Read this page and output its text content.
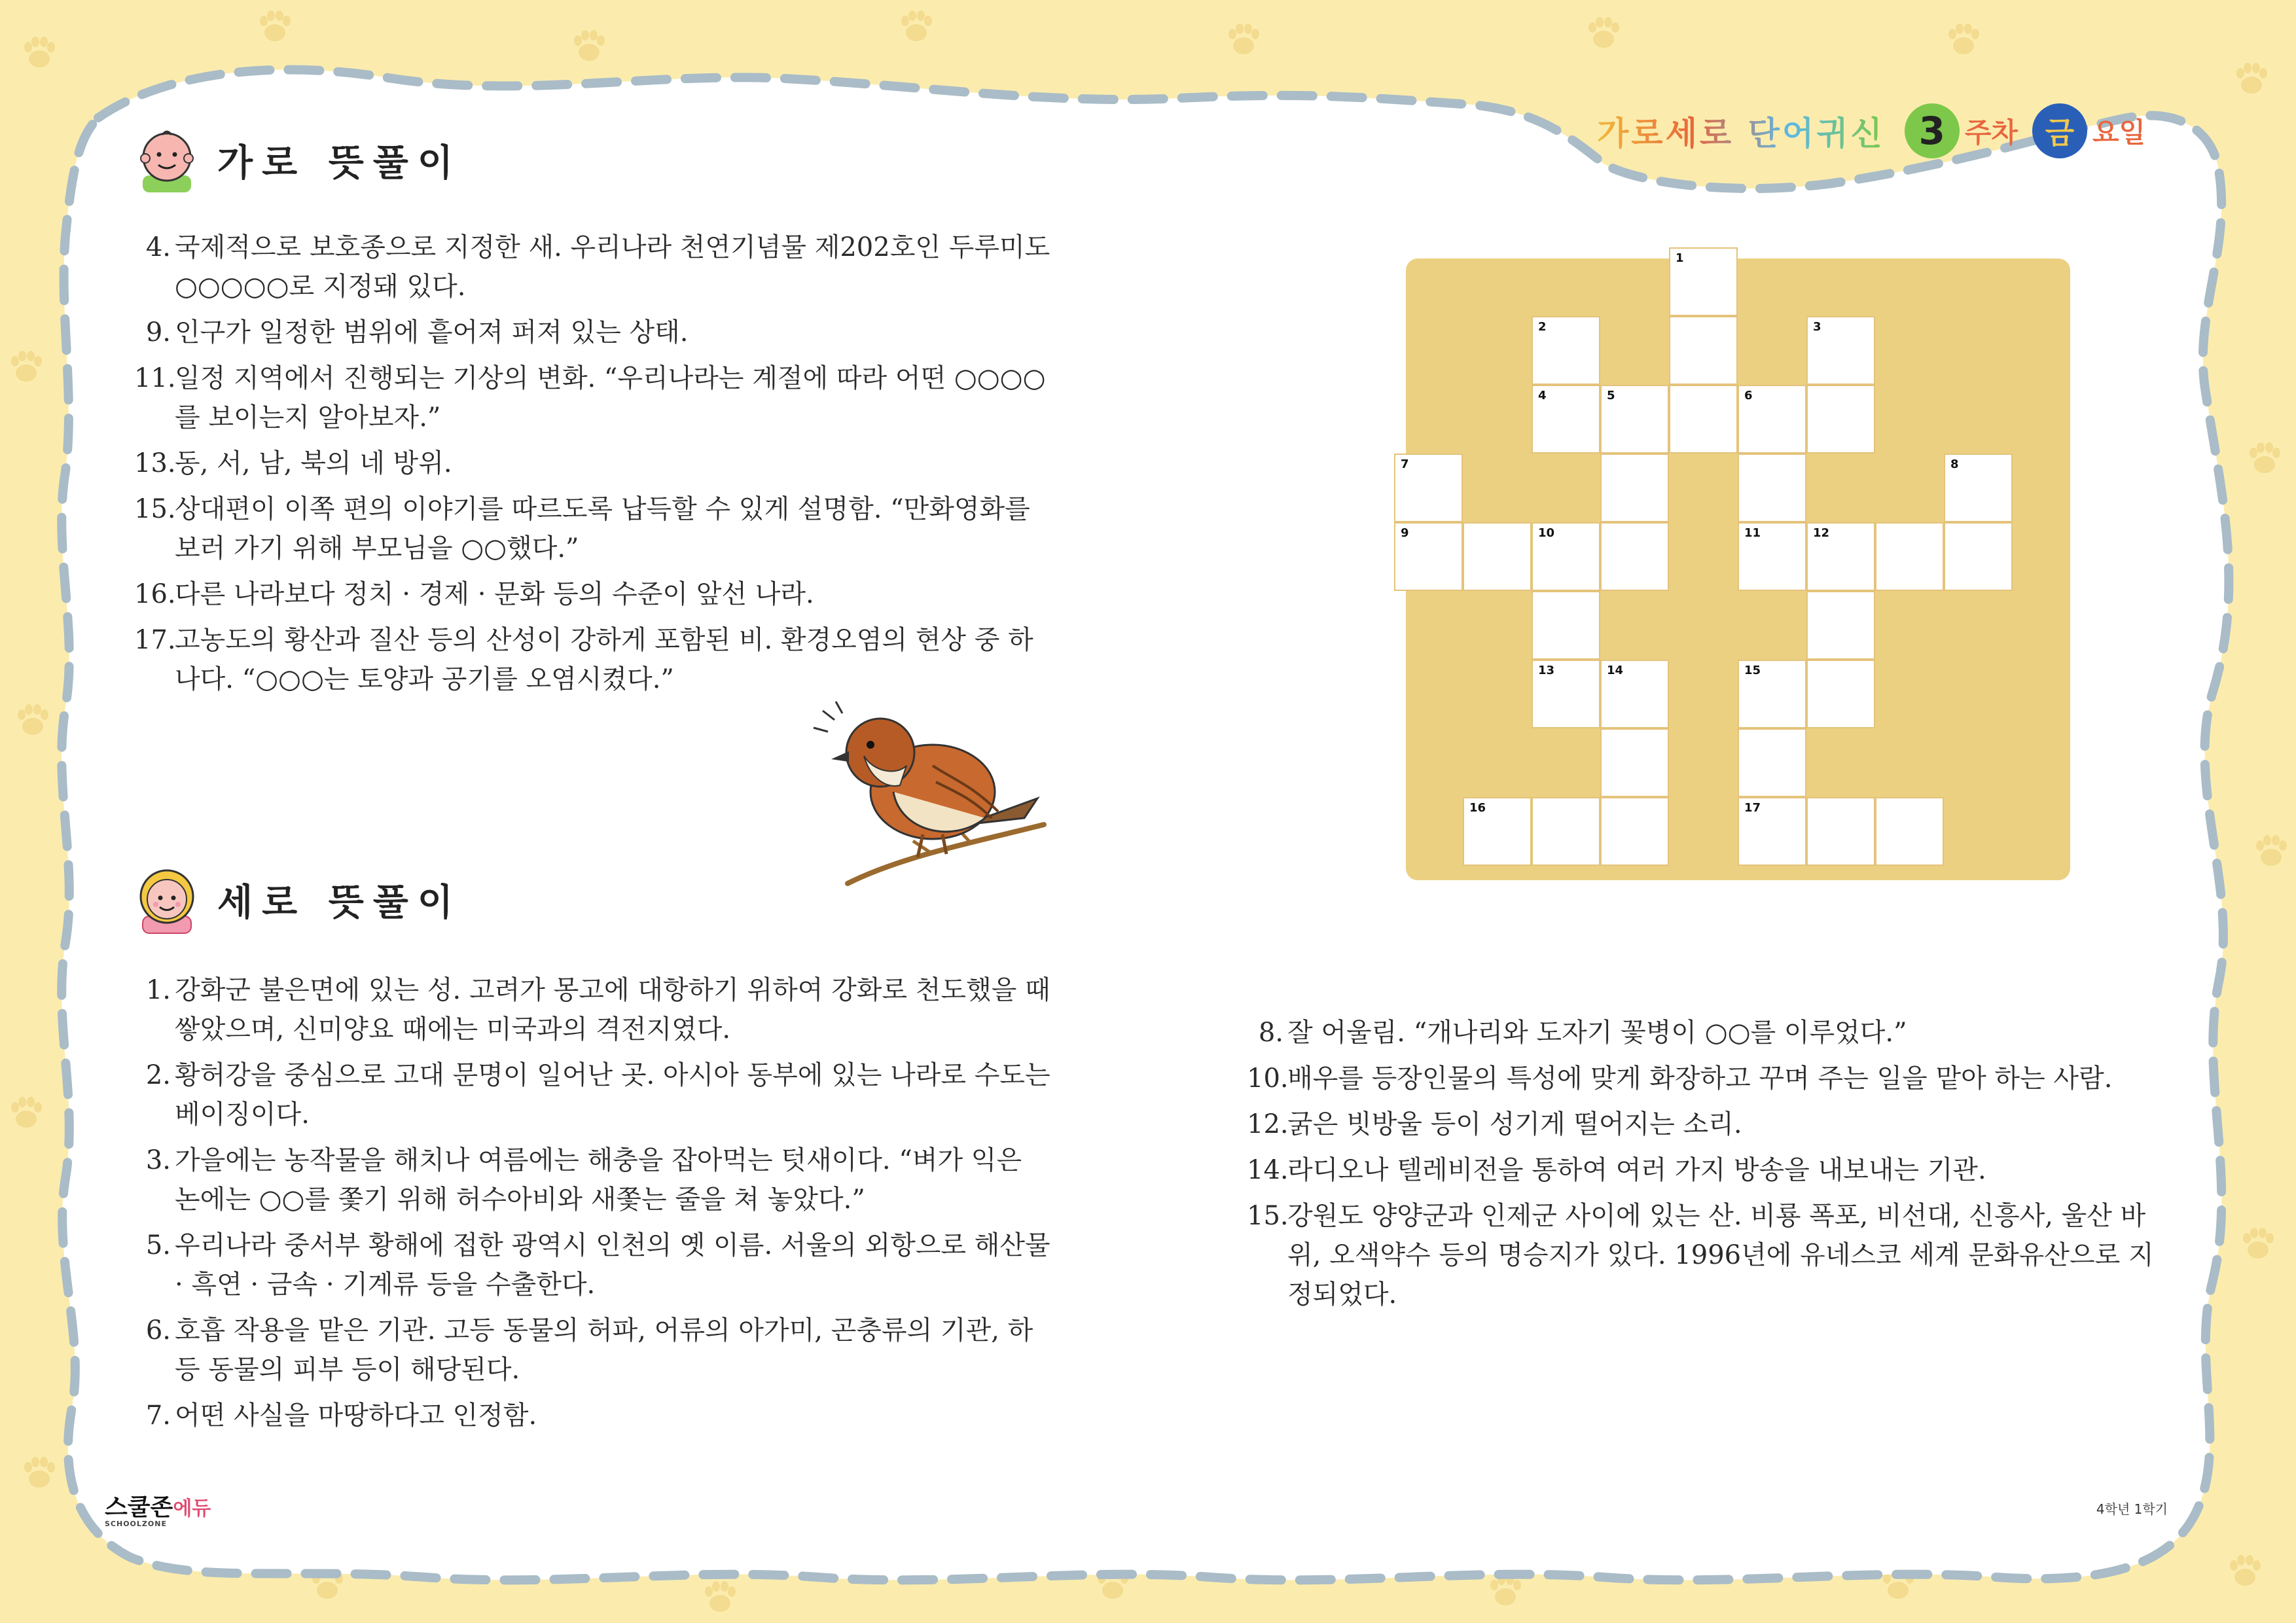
가로세로 단어귀신 3 주차 금 요일
가로 뜻풀이
4. 국제적으로 보호종으로 지정한 새. 우리나라 천연기념물 제202호인 두루미도 ○○○○○로 지정돼 있다.
9. 인구가 일정한 범위에 흩어져 퍼져 있는 상태.
11.
일정 지역에서 진행되는 기상의 변화. “우리나라는 계절에 따라 어떤 ○○○○를 보이는지 알아보자.”
13.
동, 서, 남, 북의 네 방위.
15.
상대편이 이쪽 편의 이야기를 따르도록 납득할 수 있게 설명함. “만화영화를 보러 가기 위해 부모님을 ○○했다.”
16.
다른 나라보다 정치 · 경제 · 문화 등의 수준이 앞선 나라.
17.
고농도의 황산과 질산 등의 산성이 강하게 포함된 비. 환경오염의 현상 중 하나다. “○○○는 토양과 공기를 오염시켰다.”
세로 뜻풀이
1. 강화군 불은면에 있는 성. 고려가 몽고에 대항하기 위하여 강화로 천도했을 때 쌓았으며, 신미양요 때에는 미국과의 격전지였다.
2. 황허강을 중심으로 고대 문명이 일어난 곳. 아시아 동부에 있는 나라로 수도는 베이징이다.
3. 가을에는 농작물을 해치나 여름에는 해충을 잡아먹는 텃새이다. “벼가 익은 논에는 ○○를 쫓기 위해 허수아비와 새쫓는 줄을 쳐 놓았다.”
5. 우리나라 중서부 황해에 접한 광역시 인천의 옛 이름. 서울의 외항으로 해산물 · 흑연 · 금속 · 기계류 등을 수출한다.
6. 호흡 작용을 맡은 기관. 고등 동물의 허파, 어류의 아가미, 곤충류의 기관, 하등 동물의 피부 등이 해당된다.
7. 어떤 사실을 마땅하다고 인정함.
8. 잘 어울림. “개나리와 도자기 꽃병이 ○○를 이루었다.”
10.
배우를 등장인물의 특성에 맞게 화장하고 꾸며 주는 일을 맡아 하는 사람.
12.
굵은 빗방울 등이 성기게 떨어지는 소리.
14.
라디오나 텔레비전을 통하여 여러 가지 방송을 내보내는 기관.
15.
강원도 양양군과 인제군 사이에 있는 산. 비룡 폭포, 비선대, 신흥사, 울산 바위, 오색약수 등의 명승지가 있다. 1996년에 유네스코 세계 문화유산으로 지정되었다.
1
2	3
4	5	6
7	8
9	10	11	12
13	14	15
16	17
스쿨존에듀
SCHOOLZONE
4학년 1학기
